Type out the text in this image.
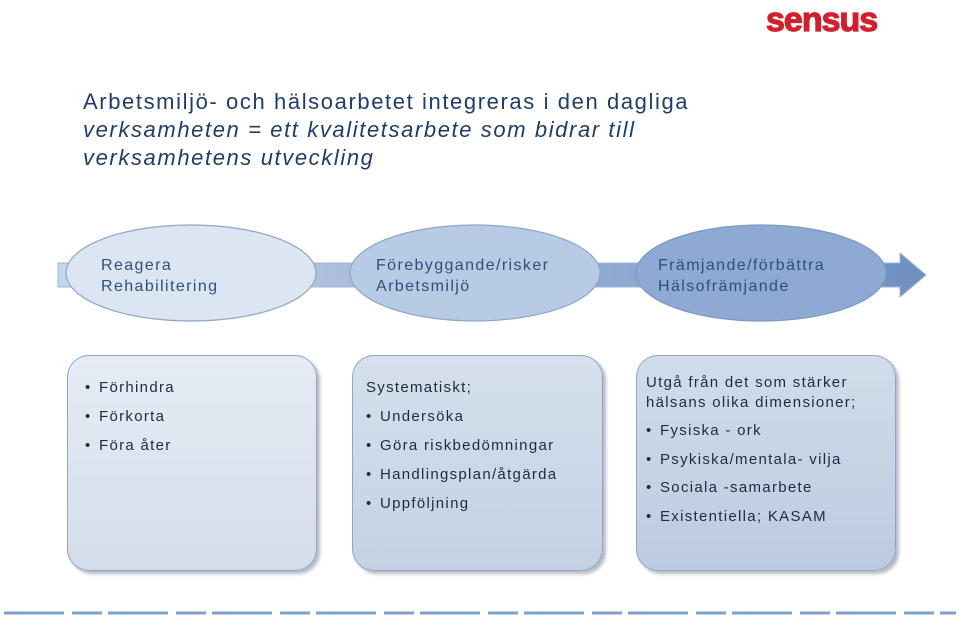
sensus
Arbetsmiljö- och hälsoarbetet integreras i den dagliga
verksamheten = ett kvalitetsarbete som bidrar till
verksamhetens utveckling
Reagera
Rehabilitering
Förebyggande/risker
Arbetsmiljö
Främjande/förbättra
Hälsofrämjande
• Förhindra
• Förkorta
• Föra åter
Systematiskt;
• Undersöka
• Göra riskbedömningar
• Handlingsplan/åtgärda
• Uppföljning
Utgå från det som stärker
hälsans olika dimensioner;
• Fysiska - ork
• Psykiska/mentala- vilja
• Sociala -samarbete
• Existentiella; KASAM
